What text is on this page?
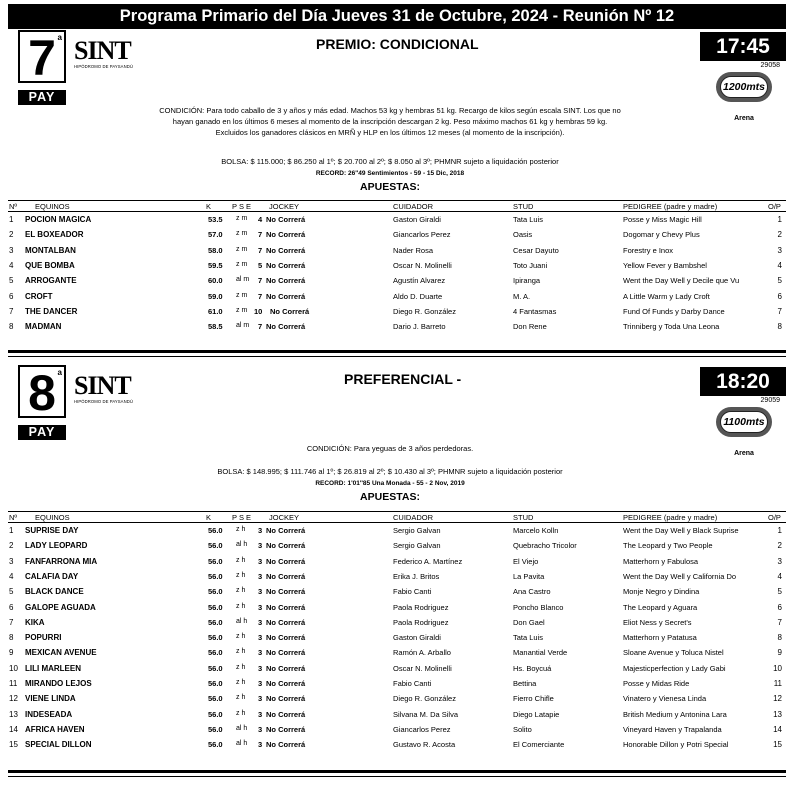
Programa Primario del Día Jueves 31 de Octubre, 2024 - Reunión Nº 12
7 a
PAY
SINT
HIPÓDROMO DE PAYSANDÚ
PREMIO: CONDICIONAL	17:45
29058
1200mts
Arena
CONDICIÓN: Para todo caballo de 3 y años y más edad. Machos 53 kg y hembras 51 kg. Recargo de kilos según escala SINT. Los que no
hayan ganado en los últimos 6 meses al momento de la inscripción descargan 2 kg. Peso máximo machos 61 kg y hembras 59 kg.
Excluidos los ganadores clásicos en MRÑ y HLP en los últimos 12 meses (al momento de la inscripción).
BOLSA: $ 115.000; $ 86.250 al 1º; $ 20.700 al 2º; $ 8.050 al 3º; PHMNR sujeto a liquidación posterior
RECORD: 26''49 Sentimientos - 59 - 15 Dic, 2018
APUESTAS:
Nº EQUINOS	K	P S E JOCKEY	CUIDADOR	STUD	PEDIGREE (padre y madre)	O/P
1 POCION MAGICA	53.5 z m 4 No Correrá	Gaston Giraldi	Tata Luis	Posse y Miss Magic Hill	1
2 EL BOXEADOR	57.0 z m 7 No Correrá	Giancarlos Perez	Oasis	Dogomar y Chevy Plus	2
3 MONTALBAN	58.0 z m 7 No Correrá	Nader Rosa	Cesar Dayuto	Forestry e Inox	3
4 QUE BOMBA	59.5 z m 5 No Correrá	Oscar N. Molinelli	Toto Juani	Yellow Fever y Bambshel	4
5 ARROGANTE	60.0 al m 7 No Correrá	Agustín Alvarez	Ipiranga	Went the Day Well y Decile que Vu	5
6 CROFT	59.0 z m 7 No Correrá	Aldo D. Duarte	M. A.	A Little Warm y Lady Croft	6
7 THE DANCER	61.0 z m 10 No Correrá	Diego R. González	4 Fantasmas	Fund Of Funds y Darby Dance	7
8 MADMAN	58.5 al m 7 No Correrá	Dario J. Barreto	Don Rene	Trinniberg y Toda Una Leona	8
8 a
PAY
SINT
HIPÓDROMO DE PAYSANDÚ
PREFERENCIAL -	18:20
29059
1100mts
Arena
CONDICIÓN: Para yeguas de 3 años perdedoras.
BOLSA: $ 148.995; $ 111.746 al 1º; $ 26.819 al 2º; $ 10.430 al 3º; PHMNR sujeto a liquidación posterior
RECORD: 1'01''85 Una Monada - 55 - 2 Nov, 2019
APUESTAS:
Nº EQUINOS	K	P S E JOCKEY	CUIDADOR	STUD	PEDIGREE (padre y madre)	O/P
1 SUPRISE DAY	56.0 z h 3 No Correrá	Sergio Galvan	Marcelo Kolln	Went the Day Well y Black Suprise	1
2 LADY LEOPARD	56.0 al h 3 No Correrá	Sergio Galvan	Quebracho Tricolor	The Leopard y Two People	2
3 FANFARRONA MIA	56.0 z h 3 No Correrá	Federico A. Martínez	El Viejo	Matterhorn y Fabulosa	3
4 CALAFIA DAY	56.0 z h 3 No Correrá	Erika J. Britos	La Pavita	Went the Day Well y California Do	4
5 BLACK DANCE	56.0 z h 3 No Correrá	Fabio Canti	Ana Castro	Monje Negro y Dindina	5
6 GALOPE AGUADA	56.0 z h 3 No Correrá	Paola Rodriguez	Poncho Blanco	The Leopard y Aguara	6
7 KIKA	56.0 al h 3 No Correrá	Paola Rodriguez	Don Gael	Eliot Ness y Secret's	7
8 POPURRI	56.0 z h 3 No Correrá	Gaston Giraldi	Tata Luis	Matterhorn y Patatusa	8
9 MEXICAN AVENUE	56.0 z h 3 No Correrá	Ramón A. Arballo	Manantial Verde	Sloane Avenue y Toluca Nistel	9
10 LILI MARLEEN	56.0 z h 3 No Correrá	Oscar N. Molinelli	Hs. Boycuá	Majesticperfection y Lady Gabi	10
11 MIRANDO LEJOS	56.0 z h 3 No Correrá	Fabio Canti	Bettina	Posse y Midas Ride	11
12 VIENE LINDA	56.0 z h 3 No Correrá	Diego R. González	Fierro Chifle	Vinatero y Vienesa Linda	12
13 INDESEADA	56.0 z h 3 No Correrá	Silvana M. Da Silva	Diego Latapie	British Medium y Antonina Lara	13
14 AFRICA HAVEN	56.0 al h 3 No Correrá	Giancarlos Perez	Solito	Vineyard Haven y Trapalanda	14
15 SPECIAL DILLON	56.0 al h 3 No Correrá	Gustavo R. Acosta	El Comerciante	Honorable Dillon y Potri Special	15
